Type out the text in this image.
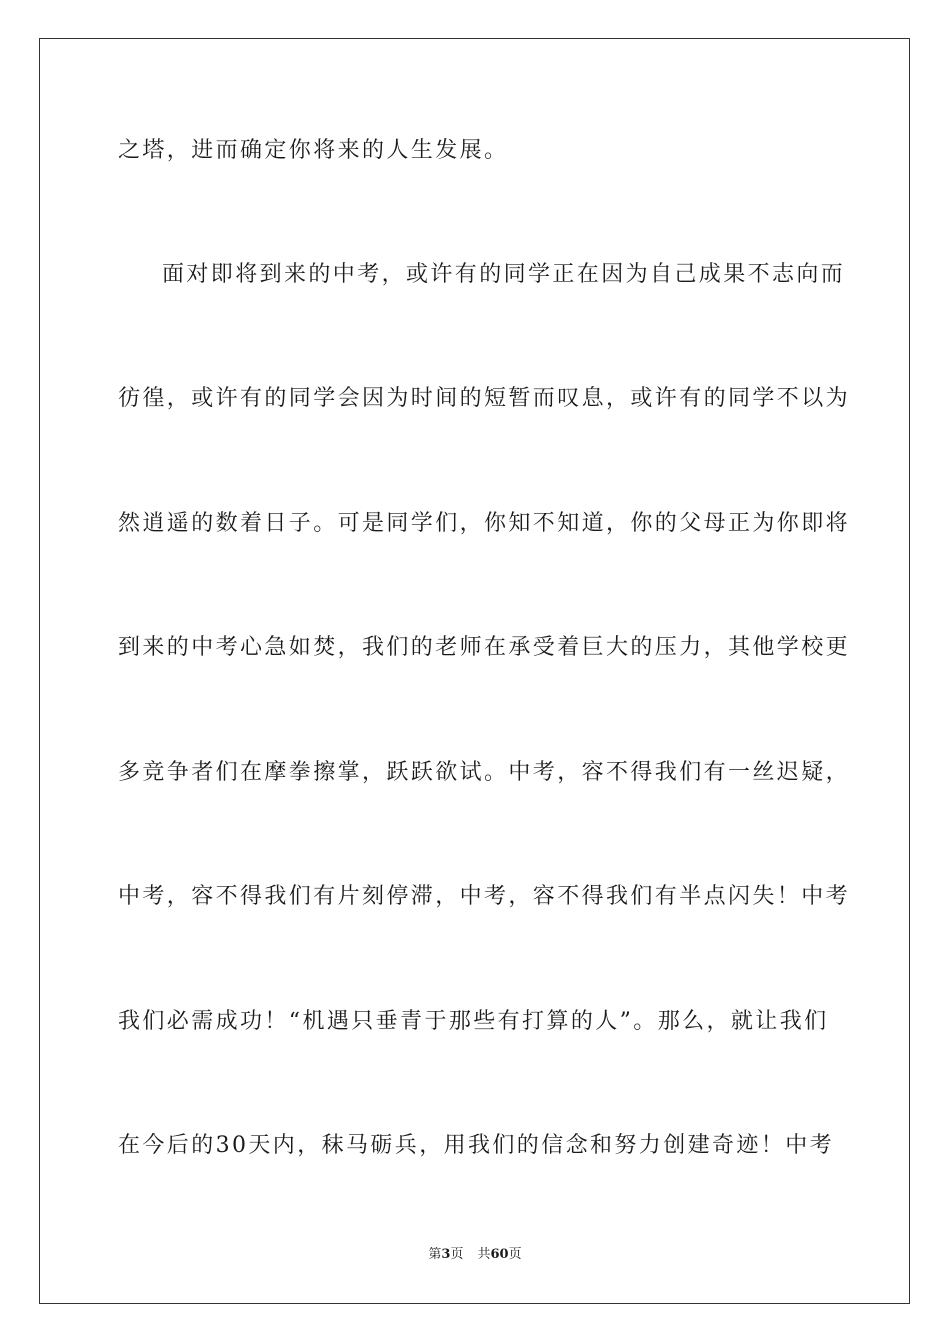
之塔，进而确定你将来的人生发展。
面对即将到来的中考，或许有的同学正在因为自己成果不志向而
彷徨，或许有的同学会因为时间的短暂而叹息，或许有的同学不以为
然逍遥的数着日子。可是同学们，你知不知道，你的父母正为你即将
到来的中考心急如焚，我们的老师在承受着巨大的压力，其他学校更
多竞争者们在摩拳擦掌，跃跃欲试。中考，容不得我们有一丝迟疑，
中考，容不得我们有片刻停滞，中考，容不得我们有半点闪失！中考
我们必需成功！“机遇只垂青于那些有打算的人”。那么，就让我们
在今后的30天内，秣马砺兵，用我们的信念和努力创建奇迹！中考
第3页 共60页
